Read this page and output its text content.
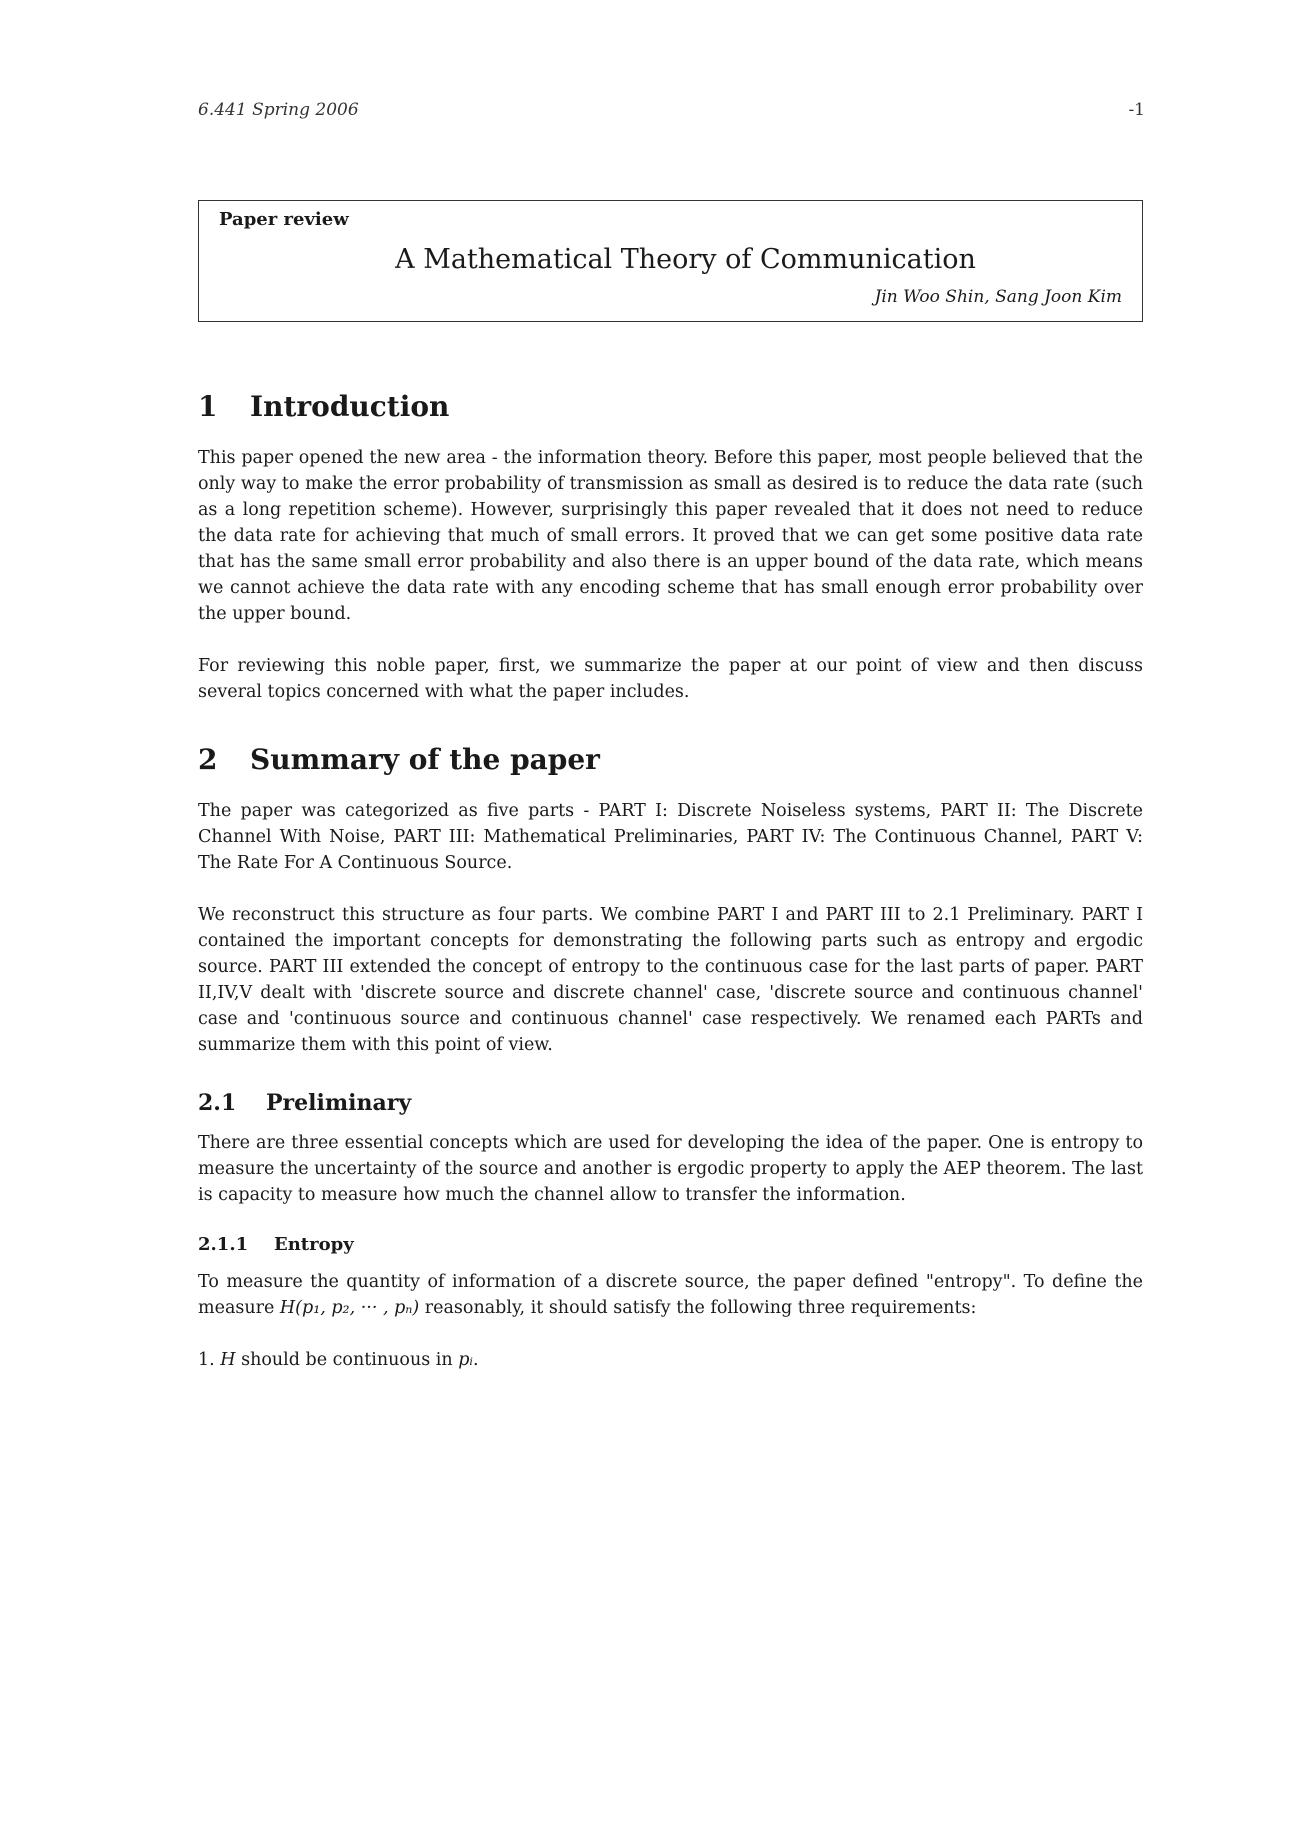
6.441 Spring 2006	-1
Paper review
A Mathematical Theory of Communication
Jin Woo Shin, Sang Joon Kim
1	Introduction

This paper opened the new area - the information theory. Before this paper, most people believed that the only way to make the error probability of transmission as small as desired is to reduce the data rate (such as a long repetition scheme). However, surprisingly this paper revealed that it does not need to reduce the data rate for achieving that much of small errors. It proved that we can get some positive data rate that has the same small error probability and also there is an upper bound of the data rate, which means we cannot achieve the data rate with any encoding scheme that has small enough error probability over the upper bound.

For reviewing this noble paper, first, we summarize the paper at our point of view and then discuss several topics concerned with what the paper includes.

2	Summary of the paper

The paper was categorized as five parts - PART I: Discrete Noiseless systems, PART II: The Discrete Channel With Noise, PART III: Mathematical Preliminaries, PART IV: The Continuous Channel, PART V: The Rate For A Continuous Source.

We reconstruct this structure as four parts. We combine PART I and PART III to 2.1 Preliminary. PART I contained the important concepts for demonstrating the following parts such as entropy and ergodic source. PART III extended the concept of entropy to the continuous case for the last parts of paper. PART II,IV,V dealt with 'discrete source and discrete channel' case, 'discrete source and continuous channel' case and 'continuous source and continuous channel' case respectively. We renamed each PARTs and summarize them with this point of view.

2.1	Preliminary

There are three essential concepts which are used for developing the idea of the paper. One is entropy to measure the uncertainty of the source and another is ergodic property to apply the AEP theorem. The last is capacity to measure how much the channel allow to transfer the information.

2.1.1	Entropy

To measure the quantity of information of a discrete source, the paper defined "entropy". To define the measure H(p₁, p₂, ··· , pₙ) reasonably, it should satisfy the following three requirements:

1. H should be continuous in pᵢ.
